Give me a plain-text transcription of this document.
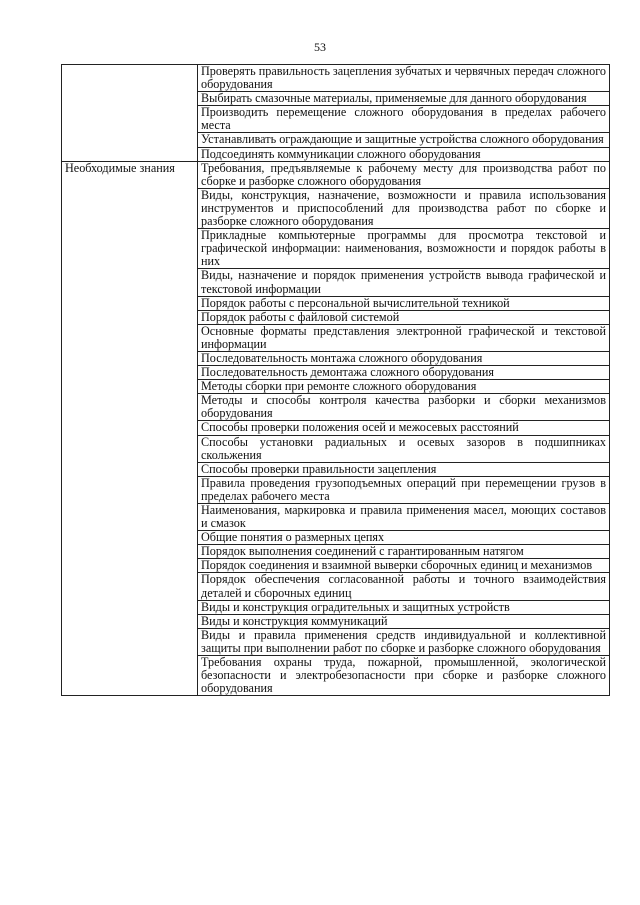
53
	Проверять правильность зацепления зубчатых и червячных передач сложного оборудования
	Выбирать смазочные материалы, применяемые для данного оборудования
	Производить перемещение сложного оборудования в пределах рабочего места
	Устанавливать ограждающие и защитные устройства сложного оборудования
	Подсоединять коммуникации сложного оборудования
Необходимые знания	Требования, предъявляемые к рабочему месту для производства работ по сборке и разборке сложного оборудования
	Виды, конструкция, назначение, возможности и правила использования инструментов и приспособлений для производства работ по сборке и разборке сложного оборудования
	Прикладные компьютерные программы для просмотра текстовой и графической информации: наименования, возможности и порядок работы в них
	Виды, назначение и порядок применения устройств вывода графической и текстовой информации
	Порядок работы с персональной вычислительной техникой
	Порядок работы с файловой системой
	Основные форматы представления электронной графической и текстовой информации
	Последовательность монтажа сложного оборудования
	Последовательность демонтажа сложного оборудования
	Методы сборки при ремонте сложного оборудования
	Методы и способы контроля качества разборки и сборки механизмов оборудования
	Способы проверки положения осей и межосевых расстояний
	Способы установки радиальных и осевых зазоров в подшипниках скольжения
	Способы проверки правильности зацепления
	Правила проведения грузоподъемных операций при перемещении грузов в пределах рабочего места
	Наименования, маркировка и правила применения масел, моющих составов и смазок
	Общие понятия о размерных цепях
	Порядок выполнения соединений с гарантированным натягом
	Порядок соединения и взаимной выверки сборочных единиц и механизмов
	Порядок обеспечения согласованной работы и точного взаимодействия деталей и сборочных единиц
	Виды и конструкция оградительных и защитных устройств
	Виды и конструкция коммуникаций
	Виды и правила применения средств индивидуальной и коллективной защиты при выполнении работ по сборке и разборке сложного оборудования
	Требования охраны труда, пожарной, промышленной, экологической безопасности и электробезопасности при сборке и разборке сложного оборудования
